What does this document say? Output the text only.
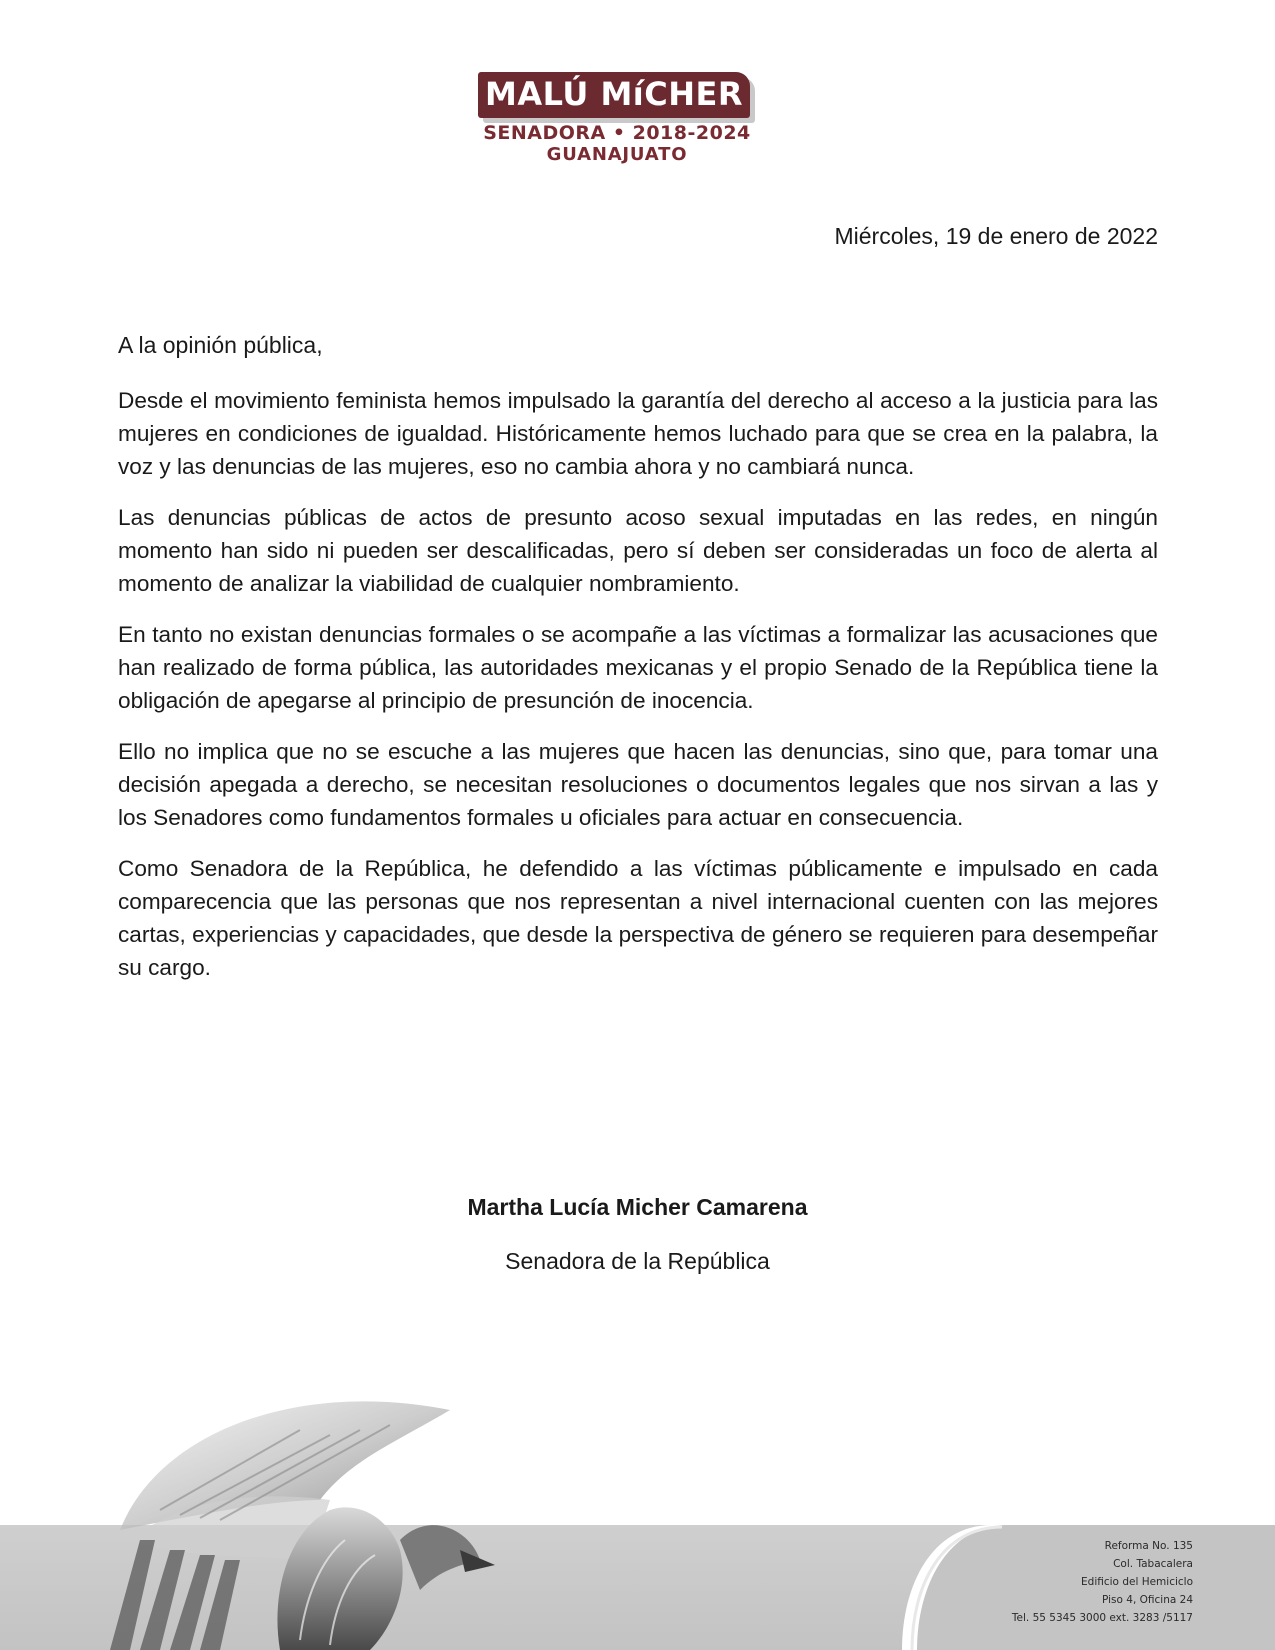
MALÚ MíCHER
SENADORA • 2018-2024
GUANAJUATO
Miércoles, 19 de enero de 2022
A la opinión pública,

Desde el movimiento feminista hemos impulsado la garantía del derecho al acceso a la justicia para las mujeres en condiciones de igualdad. Históricamente hemos luchado para que se crea en la palabra, la voz y las denuncias de las mujeres, eso no cambia ahora y no cambiará nunca.

Las denuncias públicas de actos de presunto acoso sexual imputadas en las redes, en ningún momento han sido ni pueden ser descalificadas, pero sí deben ser consideradas un foco de alerta al momento de analizar la viabilidad de cualquier nombramiento.

En tanto no existan denuncias formales o se acompañe a las víctimas a formalizar las acusaciones que han realizado de forma pública, las autoridades mexicanas y el propio Senado de la República tiene la obligación de apegarse al principio de presunción de inocencia.

Ello no implica que no se escuche a las mujeres que hacen las denuncias, sino que, para tomar una decisión apegada a derecho, se necesitan resoluciones o documentos legales que nos sirvan a las y los Senadores como fundamentos formales u oficiales para actuar en consecuencia.

Como Senadora de la República, he defendido a las víctimas públicamente e impulsado en cada comparecencia que las personas que nos representan a nivel internacional cuenten con las mejores cartas, experiencias y capacidades, que desde la perspectiva de género se requieren para desempeñar su cargo.

Martha Lucía Micher Camarena
Senadora de la República
Reforma No. 135
Col. Tabacalera
Edificio del Hemiciclo
Piso 4, Oficina 24
Tel. 55 5345 3000 ext. 3283 /5117
